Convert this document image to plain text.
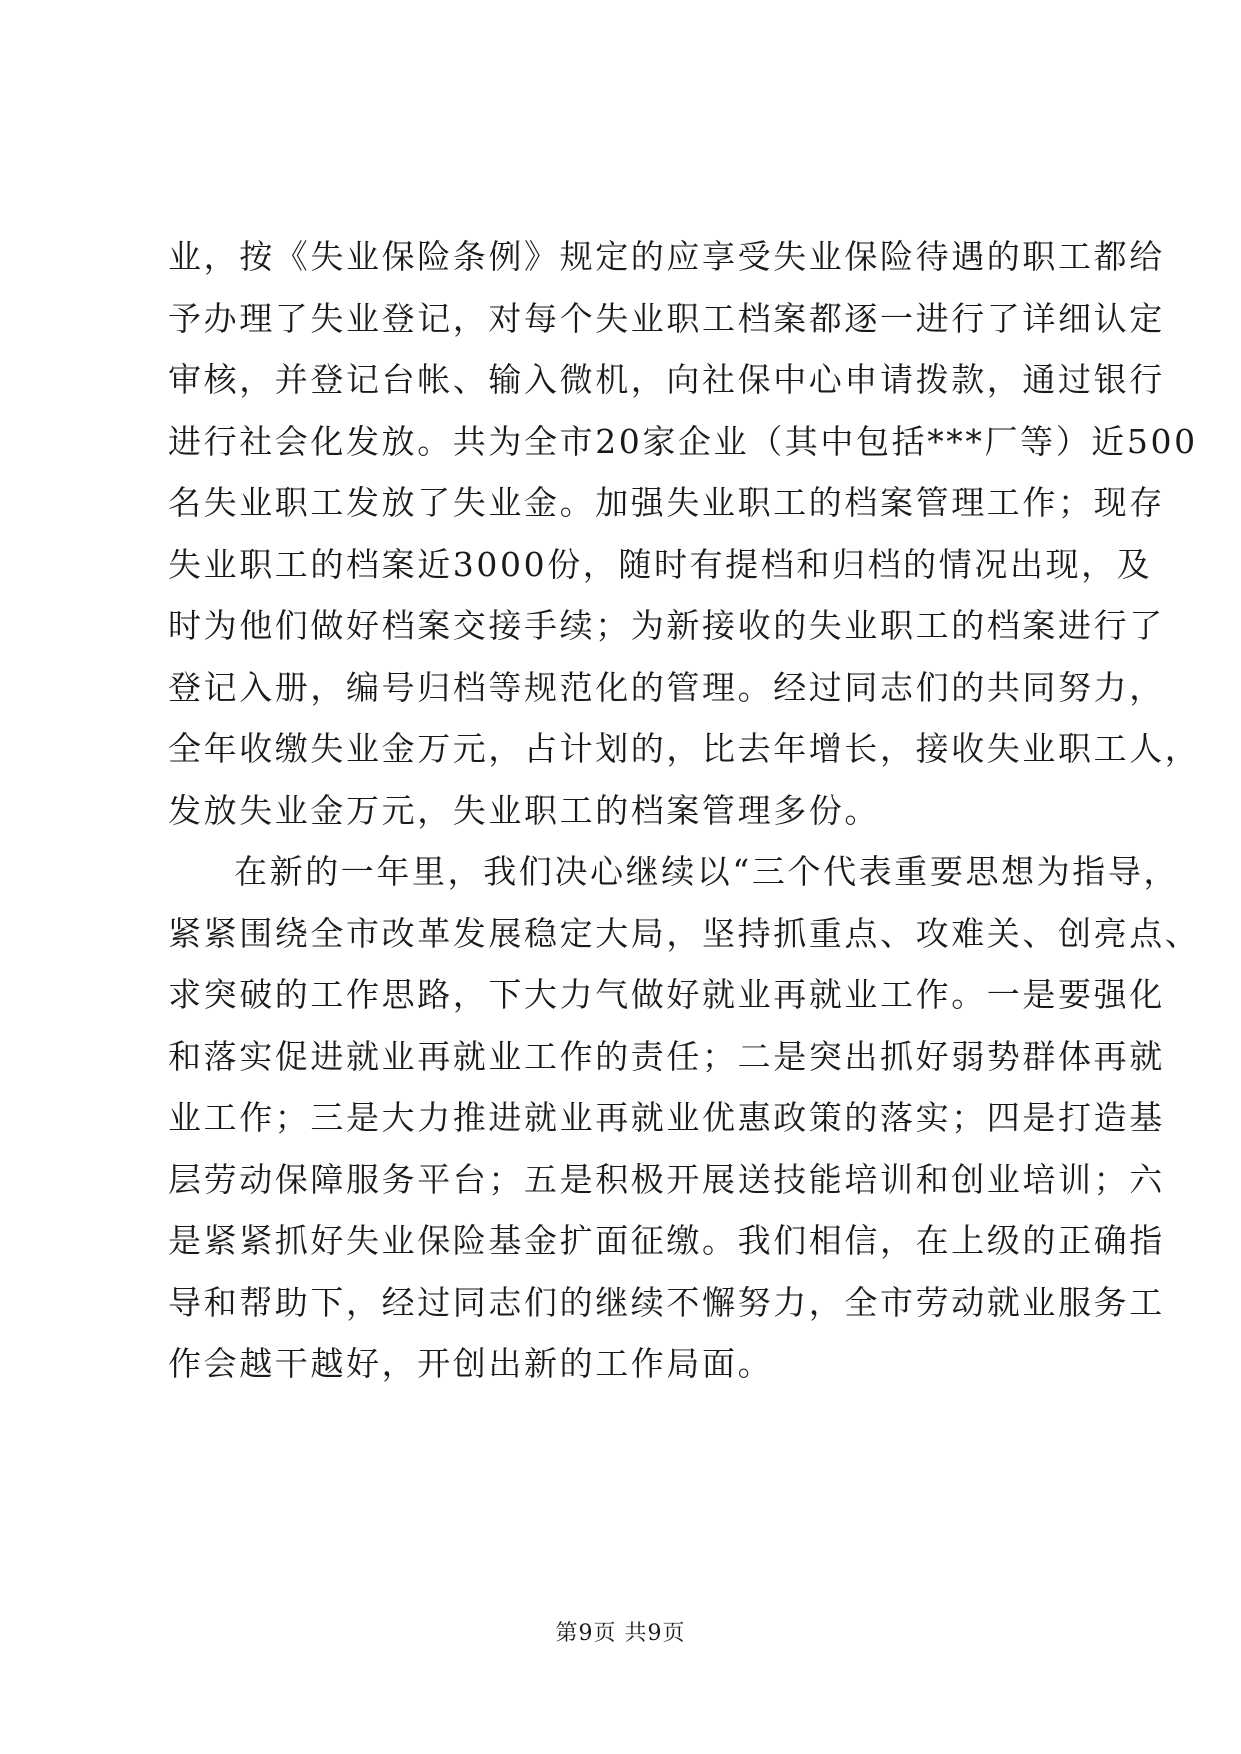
业，按《失业保险条例》规定的应享受失业保险待遇的职工都给
予办理了失业登记，对每个失业职工档案都逐一进行了详细认定
审核，并登记台帐、输入微机，向社保中心申请拨款，通过银行
进行社会化发放。共为全市20家企业（其中包括***厂等）近500
名失业职工发放了失业金。加强失业职工的档案管理工作；现存
失业职工的档案近3000份，随时有提档和归档的情况出现，及
时为他们做好档案交接手续；为新接收的失业职工的档案进行了
登记入册，编号归档等规范化的管理。经过同志们的共同努力，
全年收缴失业金万元，占计划的，比去年增长，接收失业职工人，
发放失业金万元，失业职工的档案管理多份。
在新的一年里，我们决心继续以“三个代表重要思想为指导，
紧紧围绕全市改革发展稳定大局，坚持抓重点、攻难关、创亮点、
求突破的工作思路，下大力气做好就业再就业工作。一是要强化
和落实促进就业再就业工作的责任；二是突出抓好弱势群体再就
业工作；三是大力推进就业再就业优惠政策的落实；四是打造基
层劳动保障服务平台；五是积极开展送技能培训和创业培训；六
是紧紧抓好失业保险基金扩面征缴。我们相信，在上级的正确指
导和帮助下，经过同志们的继续不懈努力，全市劳动就业服务工
作会越干越好，开创出新的工作局面。
第9页 共9页
